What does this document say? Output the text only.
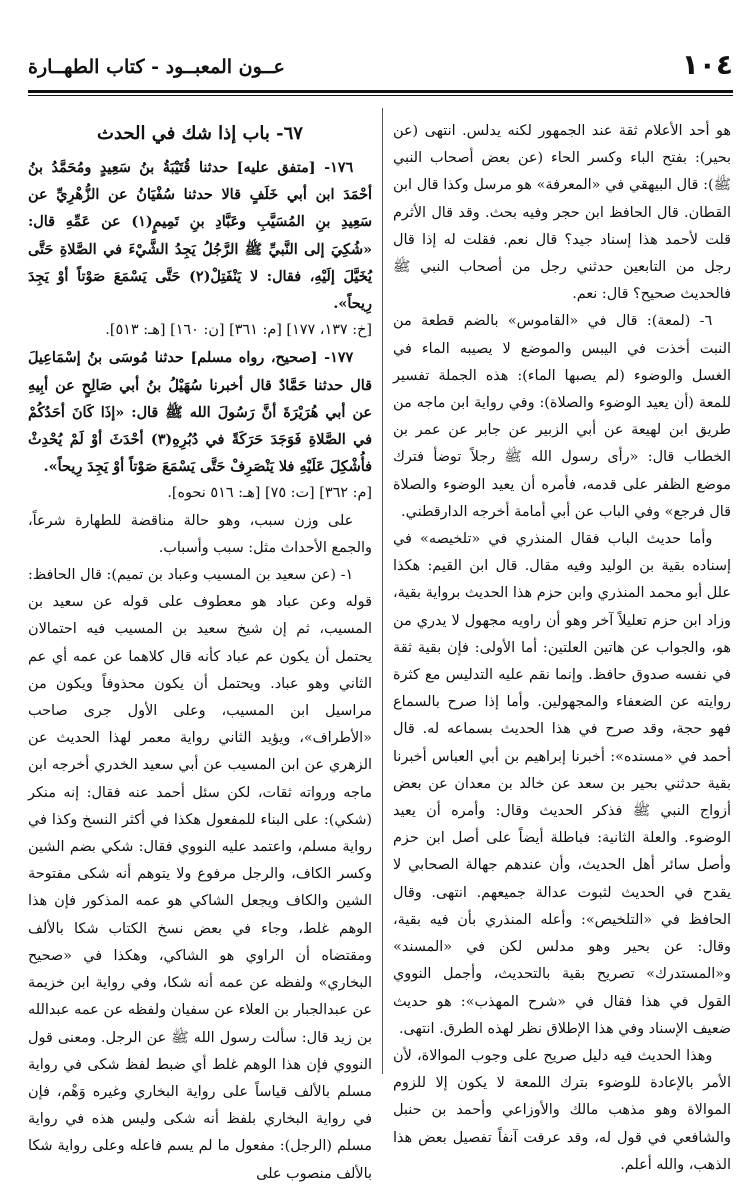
١٠٤
عــون المعبــود - كتاب الطهــارة

هو أحد الأعلام ثقة عند الجمهور لكنه يدلس. انتهى (عن بحير): بفتح الباء وكسر الحاء (عن بعض أصحاب النبي ﷺ): قال البيهقي في «المعرفة» هو مرسل وكذا قال ابن القطان. قال الحافظ ابن حجر وفيه بحث. وقد قال الأثرم قلت لأحمد هذا إسناد جيد؟ قال نعم. فقلت له إذا قال رجل من التابعين حدثني رجل من أصحاب النبي ﷺ فالحديث صحيح؟ قال: نعم.

٦- (لمعة): قال في «القاموس» بالضم قطعة من النبت أخذت في اليبس والموضع لا يصيبه الماء في الغسل والوضوء (لم يصبها الماء): هذه الجملة تفسير للمعة (أن يعيد الوضوء والصلاة): وفي رواية ابن ماجه من طريق ابن لهيعة عن أبي الزبير عن جابر عن عمر بن الخطاب قال: «رأى رسول الله ﷺ رجلاً توضأ فترك موضع الظفر على قدمه، فأمره أن يعيد الوضوء والصلاة قال فرجع» وفي الباب عن أبي أمامة أخرجه الدارقطني.

وأما حديث الباب فقال المنذري في «تلخيصه» في إسناده بقية بن الوليد وفيه مقال. قال ابن القيم: هكذا علل أبو محمد المنذري وابن حزم هذا الحديث برواية بقية، وزاد ابن حزم تعليلاً آخر وهو أن راويه مجهول لا يدري من هو، والجواب عن هاتين العلتين: أما الأولى: فإن بقية ثقة في نفسه صدوق حافظ. وإنما نقم عليه التدليس مع كثرة روايته عن الضعفاء والمجهولين. وأما إذا صرح بالسماع فهو حجة، وقد صرح في هذا الحديث بسماعه له. قال أحمد في «مسنده»: أخبرنا إبراهيم بن أبي العباس أخبرنا بقية حدثني بحير بن سعد عن خالد بن معدان عن بعض أزواج النبي ﷺ فذكر الحديث وقال: وأمره أن يعيد الوضوء. والعلة الثانية: فباطلة أيضاً على أصل ابن حزم وأصل سائر أهل الحديث، وأن عندهم جهالة الصحابي لا يقدح في الحديث لثبوت عدالة جميعهم. انتهى. وقال الحافظ في «التلخيص»: وأعله المنذري بأن فيه بقية، وقال: عن بحير وهو مدلس لكن في «المسند» و«المستدرك» تصريح بقية بالتحديث، وأجمل النووي القول في هذا فقال في «شرح المهذب»: هو حديث ضعيف الإسناد وفي هذا الإطلاق نظر لهذه الطرق. انتهى.

وهذا الحديث فيه دليل صريح على وجوب الموالاة، لأن الأمر بالإعادة للوضوء بترك اللمعة لا يكون إلا للزوم الموالاة وهو مذهب مالك والأوزاعي وأحمد بن حنبل والشافعي في قول له، وقد عرفت آنفاً تفصيل بعض هذا الذهب، والله أعلم.

٦٧- باب إذا شك في الحدث

١٧٦- [متفق عليه] حدثنا قُتَيْبَةُ بنُ سَعِيدٍ ومُحَمَّدُ بنُ أحْمَدَ ابن أبي خَلَفٍ قالا حدثنا سُفْيَانُ عن الزُّهْرِيِّ عن سَعِيدِ بنِ المُسَيَّبِ وعَبَّادِ بنِ تَمِيمٍ(١) عن عَمِّهِ قال: «شُكِيَ إلى النَّبيِّ ﷺ الرَّجُلُ يَجِدُ الشَّيْءَ في الصَّلاةِ حَتَّى يُخَيَّلَ إلَيْهِ، فقال: لا يَنْفَتِلْ(٢) حَتَّى يَسْمَعَ صَوْتاً أوْ يَجِدَ رِيحاً».

[خ: ١٣٧، ١٧٧] [م: ٣٦١] [ن: ١٦٠] [هـ: ٥١٣].

١٧٧- [صحيح، رواه مسلم] حدثنا مُوسَى بنُ إسْمَاعِيلَ قال حدثنا حَمَّادٌ قال أخبرنا سُهَيْلُ بنُ أبي صَالِحٍ عن أبِيهِ عن أبي هُرَيْرَةَ أنَّ رَسُولَ الله ﷺ قال: «إذَا كَانَ أحَدُكُمْ في الصَّلاةِ فَوَجَدَ حَرَكَةً في دُبُرِهِ(٣) أحْدَثَ أوْ لَمْ يُحْدِثْ فأُشْكِلَ عَلَيْهِ فلا يَنْصَرِفْ حَتَّى يَسْمَعَ صَوْتاً أوْ يَجِدَ رِيحاً».

[م: ٣٦٢] [ت: ٧٥] [هـ: ٥١٦ نحوه].

على وزن سبب، وهو حالة مناقضة للطهارة شرعاً، والجمع الأحداث مثل: سبب وأسباب.

١- (عن سعيد بن المسيب وعباد بن تميم): قال الحافظ: قوله وعن عباد هو معطوف على قوله عن سعيد بن المسيب، ثم إن شيخ سعيد بن المسيب فيه احتمالان يحتمل أن يكون عم عباد كأنه قال كلاهما عن عمه أي عم الثاني وهو عباد. ويحتمل أن يكون محذوفاً ويكون من مراسيل ابن المسيب، وعلى الأول جرى صاحب «الأطراف»، ويؤيد الثاني رواية معمر لهذا الحديث عن الزهري عن ابن المسيب عن أبي سعيد الخدري أخرجه ابن ماجه ورواته ثقات، لكن سئل أحمد عنه فقال: إنه منكر (شكي): على البناء للمفعول هكذا في أكثر النسخ وكذا في رواية مسلم، واعتمد عليه النووي فقال: شكي بضم الشين وكسر الكاف، والرجل مرفوع ولا يتوهم أنه شكى مفتوحة الشين والكاف ويجعل الشاكي هو عمه المذكور فإن هذا الوهم غلط، وجاء في بعض نسخ الكتاب شكا بالألف ومقتضاه أن الراوي هو الشاكي، وهكذا في «صحيح البخاري» ولفظه عن عمه أنه شكا، وفي رواية ابن خزيمة عن عبدالجبار بن العلاء عن سفيان ولفظه عن عمه عبدالله بن زيد قال: سألت رسول الله ﷺ عن الرجل. ومعنى قول النووي فإن هذا الوهم غلط أي ضبط لفظ شكى في رواية مسلم بالألف قياساً على رواية البخاري وغيره وَهْم، فإن في رواية البخاري بلفظ أنه شكى وليس هذه في رواية مسلم (الرجل): مفعول ما لم يسم فاعله وعلى رواية شكا بالألف منصوب على
